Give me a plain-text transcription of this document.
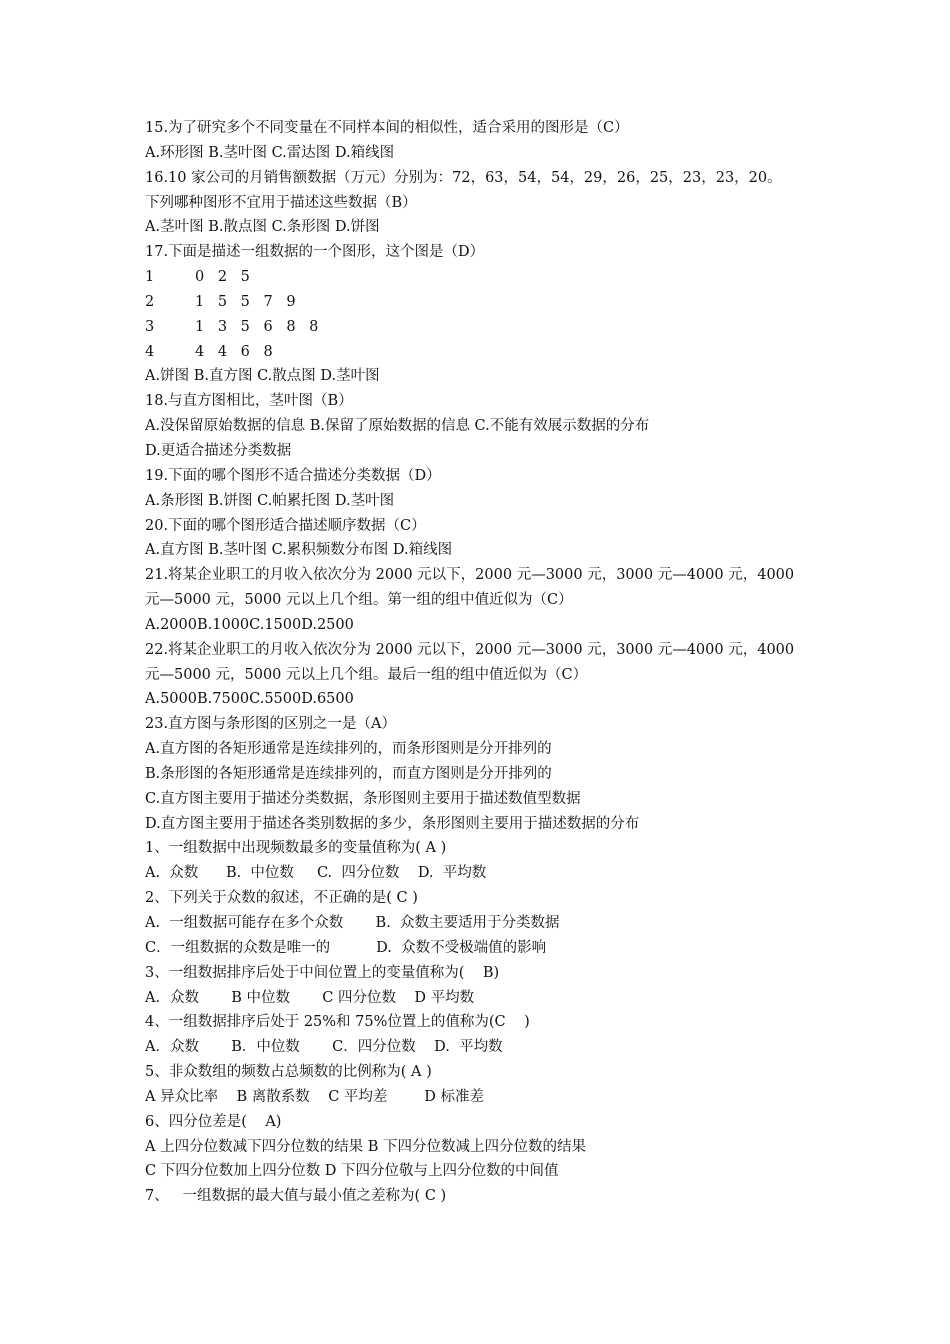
15.为了研究多个不同变量在不同样本间的相似性，适合采用的图形是（C）
A.环形图 B.茎叶图 C.雷达图 D.箱线图
16.10 家公司的月销售额数据（万元）分别为：72，63，54，54，29，26，25，23，23，20。
下列哪种图形不宜用于描述这些数据（B）
A.茎叶图 B.散点图 C.条形图 D.饼图
17.下面是描述一组数据的一个图形，这个图是（D）
1	0 2 5
2	1 5 5 7 9
3	1 3 5 6 8 8
4	4 4 6 8
A.饼图 B.直方图 C.散点图 D.茎叶图
18.与直方图相比，茎叶图（B）
A.没保留原始数据的信息 B.保留了原始数据的信息 C.不能有效展示数据的分布
D.更适合描述分类数据
19.下面的哪个图形不适合描述分类数据（D）
A.条形图 B.饼图 C.帕累托图 D.茎叶图
20.下面的哪个图形适合描述顺序数据（C）
A.直方图 B.茎叶图 C.累积频数分布图 D.箱线图
21.将某企业职工的月收入依次分为 2000 元以下，2000 元—3000 元，3000 元—4000 元，4000
元—5000 元，5000 元以上几个组。第一组的组中值近似为（C）
A.2000B.1000C.1500D.2500
22.将某企业职工的月收入依次分为 2000 元以下，2000 元—3000 元，3000 元—4000 元，4000
元—5000 元，5000 元以上几个组。最后一组的组中值近似为（C）
A.5000B.7500C.5500D.6500
23.直方图与条形图的区别之一是（A）
A.直方图的各矩形通常是连续排列的，而条形图则是分开排列的
B.条形图的各矩形通常是连续排列的，而直方图则是分开排列的
C.直方图主要用于描述分类数据，条形图则主要用于描述数值型数据
D.直方图主要用于描述各类别数据的多少，条形图则主要用于描述数据的分布
1、一组数据中出现频数最多的变量值称为( A )
A.  众数      B.  中位数     C.  四分位数    D.  平均数
2、下列关于众数的叙述，不正确的是( C )
A.  一组数据可能存在多个众数       B.  众数主要适用于分类数据
C．一组数据的众数是唯一的          D.  众数不受极端值的影响
3、一组数据排序后处于中间位置上的变量值称为(    B)
A．众数       B 中位数       C 四分位数    D 平均数
4、一组数据排序后处于 25%和 75%位置上的值称为(C    )
A．众数       B．中位数       C．四分位数    D.  平均数
5、非众数组的频数占总频数的比例称为( A )
A 异众比率    B 离散系数    C 平均差        D 标准差
6、四分位差是(    A)
A 上四分位数减下四分位数的结果 B 下四分位数减上四分位数的结果
C 下四分位数加上四分位数 D 下四分位敬与上四分位数的中间值
7、   一组数据的最大值与最小值之差称为( C )
